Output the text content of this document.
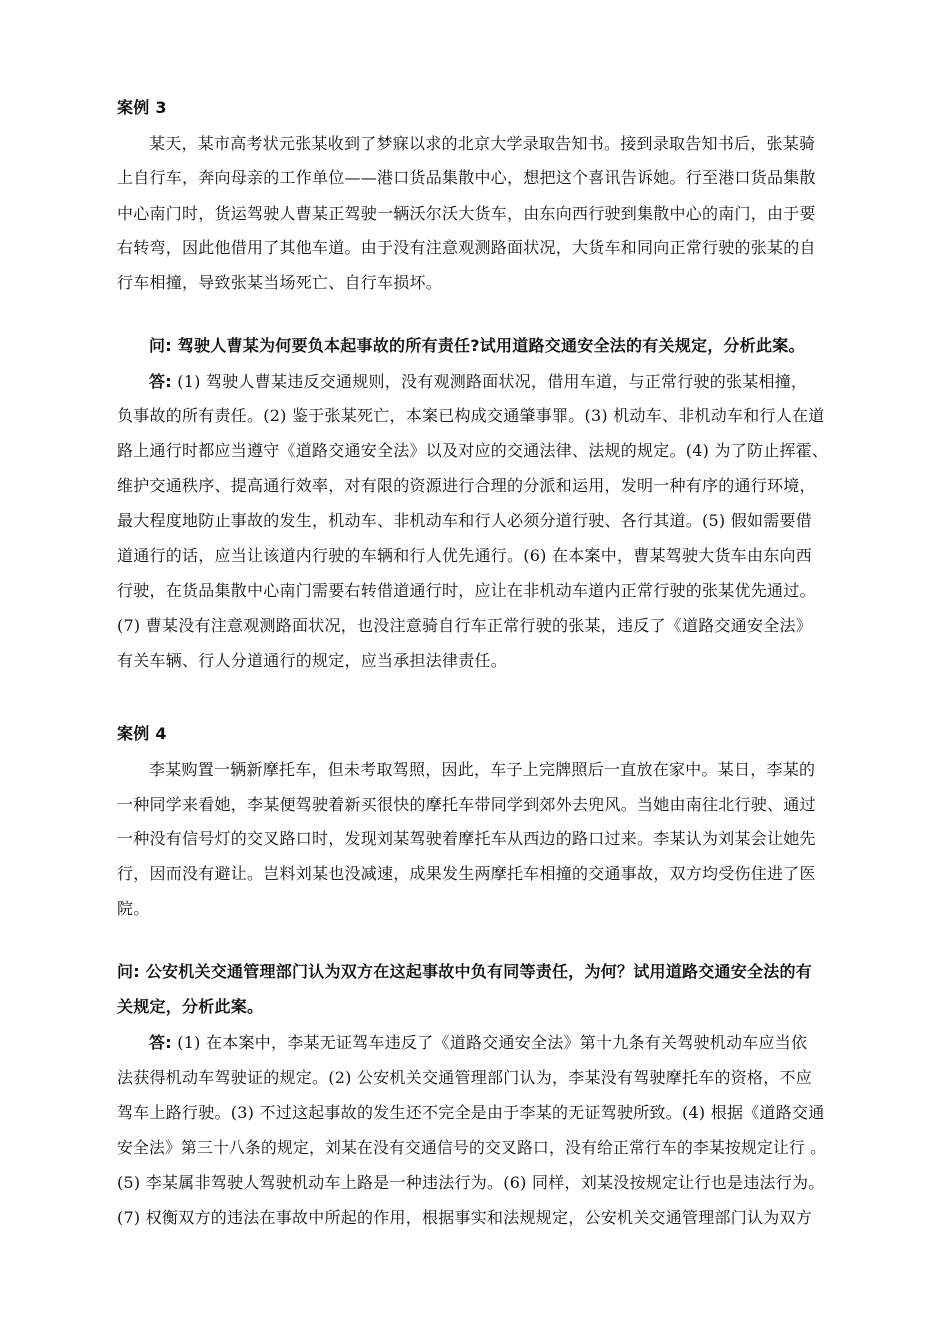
案例 3
某天，某市高考状元张某收到了梦寐以求的北京大学录取告知书。接到录取告知书后，张某骑
上自行车，奔向母亲的工作单位——港口货品集散中心，想把这个喜讯告诉她。行至港口货品集散
中心南门时，货运驾驶人曹某正驾驶一辆沃尔沃大货车，由东向西行驶到集散中心的南门，由于要
右转弯，因此他借用了其他车道。由于没有注意观测路面状况，大货车和同向正常行驶的张某的自
行车相撞，导致张某当场死亡、自行车损坏。
问: 驾驶人曹某为何要负本起事故的所有责任?试用道路交通安全法的有关规定，分析此案。
答: (1) 驾驶人曹某违反交通规则，没有观测路面状况，借用车道，与正常行驶的张某相撞，
负事故的所有责任。(2) 鉴于张某死亡，本案已构成交通肇事罪。(3) 机动车、非机动车和行人在道
路上通行时都应当遵守《道路交通安全法》以及对应的交通法律、法规的规定。(4) 为了防止挥霍、
维护交通秩序、提高通行效率，对有限的资源进行合理的分派和运用，发明一种有序的通行环境，
最大程度地防止事故的发生，机动车、非机动车和行人必须分道行驶、各行其道。(5) 假如需要借
道通行的话，应当让该道内行驶的车辆和行人优先通行。(6) 在本案中，曹某驾驶大货车由东向西
行驶，在货品集散中心南门需要右转借道通行时，应让在非机动车道内正常行驶的张某优先通过。
(7) 曹某没有注意观测路面状况，也没注意骑自行车正常行驶的张某，违反了《道路交通安全法》
有关车辆、行人分道通行的规定，应当承担法律责任。
案例 4
李某购置一辆新摩托车，但未考取驾照，因此，车子上完牌照后一直放在家中。某日，李某的
一种同学来看她，李某便驾驶着新买很快的摩托车带同学到郊外去兜风。当她由南往北行驶、通过
一种没有信号灯的交叉路口时，发现刘某驾驶着摩托车从西边的路口过来。李某认为刘某会让她先
行，因而没有避让。岂料刘某也没减速，成果发生两摩托车相撞的交通事故，双方均受伤住进了医
院。
问: 公安机关交通管理部门认为双方在这起事故中负有同等责任，为何？试用道路交通安全法的有
关规定，分析此案。
答: (1) 在本案中，李某无证驾车违反了《道路交通安全法》第十九条有关驾驶机动车应当依
法获得机动车驾驶证的规定。(2) 公安机关交通管理部门认为，李某没有驾驶摩托车的资格，不应
驾车上路行驶。(3) 不过这起事故的发生还不完全是由于李某的无证驾驶所致。(4) 根据《道路交通
安全法》第三十八条的规定，刘某在没有交通信号的交叉路口，没有给正常行车的李某按规定让行 。
(5) 李某属非驾驶人驾驶机动车上路是一种违法行为。(6) 同样，刘某没按规定让行也是违法行为。
(7) 权衡双方的违法在事故中所起的作用，根据事实和法规规定，公安机关交通管理部门认为双方
